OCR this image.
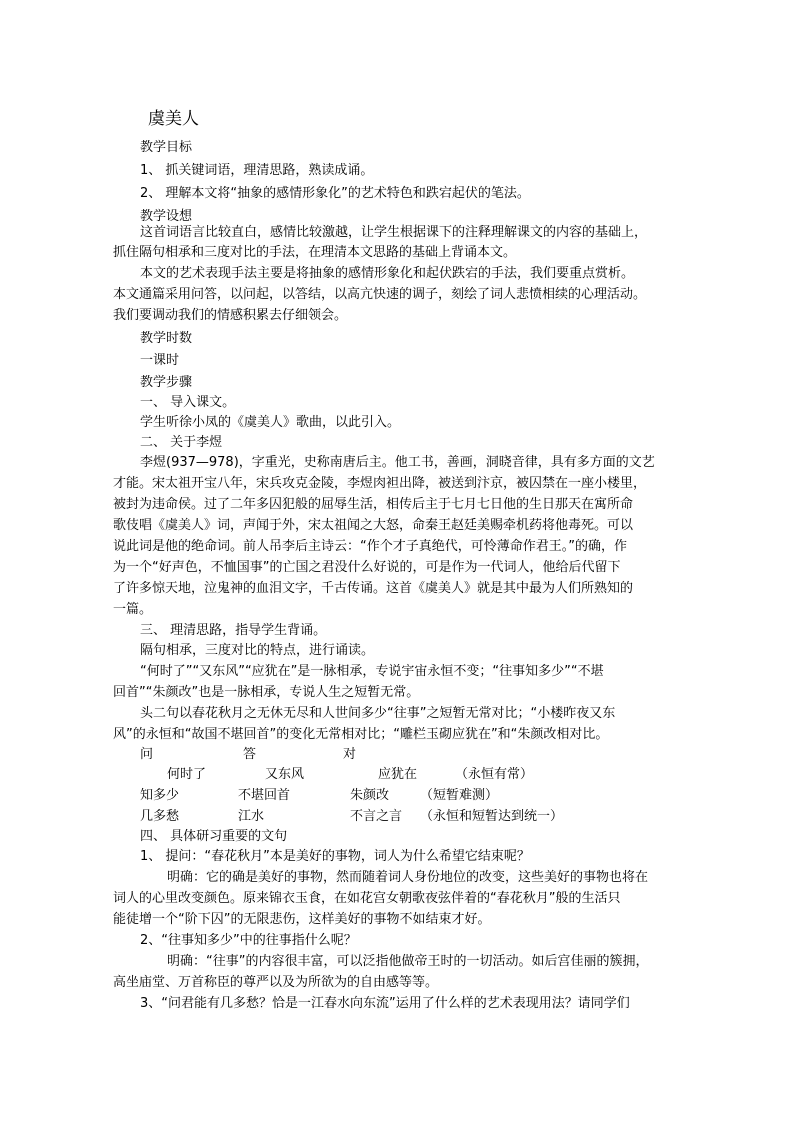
虞美人
教学目标
1、 抓关键词语，理清思路，熟读成诵。
2、 理解本文将“抽象的感情形象化”的艺术特色和跌宕起伏的笔法。
教学设想
这首词语言比较直白，感情比较激越，让学生根据课下的注释理解课文的内容的基础上，
抓住隔句相承和三度对比的手法，在理清本文思路的基础上背诵本文。
本文的艺术表现手法主要是将抽象的感情形象化和起伏跌宕的手法，我们要重点赏析。
本文通篇采用问答，以问起，以答结，以高亢快速的调子，刻绘了词人悲愤相续的心理活动。
我们要调动我们的情感积累去仔细领会。
教学时数
一课时
教学步骤
一、 导入课文。
学生听徐小凤的《虞美人》歌曲，以此引入。
二、 关于李煜
李煜(937—978)，字重光，史称南唐后主。他工书，善画，洞晓音律，具有多方面的文艺
才能。宋太祖开宝八年，宋兵攻克金陵，李煜肉袒出降，被送到汴京，被囚禁在一座小楼里，
被封为违命侯。过了二年多囚犯般的屈辱生活，相传后主于七月七日他的生日那天在寓所命
歌伎唱《虞美人》词，声闻于外，宋太祖闻之大怒，命秦王赵廷美赐牵机药将他毒死。可以
说此词是他的绝命词。前人吊李后主诗云：“作个才子真绝代，可怜薄命作君王。”的确，作
为一个“好声色，不恤国事”的亡国之君没什么好说的，可是作为一代词人，他给后代留下
了许多惊天地，泣鬼神的血泪文字，千古传诵。这首《虞美人》就是其中最为人们所熟知的
一篇。
三、 理清思路，指导学生背诵。
隔句相承，三度对比的特点，进行诵读。
“何时了”“又东风”“应犹在”是一脉相承，专说宇宙永恒不变；“往事知多少”“不堪
回首”“朱颜改”也是一脉相承，专说人生之短暂无常。
头二句以春花秋月之无休无尽和人世间多少“往事”之短暂无常对比；“小楼昨夜又东
风”的永恒和“故国不堪回首”的变化无常相对比；“雕栏玉砌应犹在”和“朱颜改相对比。
问	答	对
何时了	又东风	应犹在	（永恒有常）
知多少	不堪回首	朱颜改 （短暂难测）
几多愁	江水	不言之言 （永恒和短暂达到统一）
四、 具体研习重要的文句
1、 提问：“春花秋月”本是美好的事物，词人为什么希望它结束呢？
明确：它的确是美好的事物，然而随着词人身份地位的改变，这些美好的事物也将在
词人的心里改变颜色。原来锦衣玉食，在如花宫女朝歌夜弦伴着的“春花秋月”般的生活只
能徒增一个“阶下囚”的无限悲伤，这样美好的事物不如结束才好。
2、“往事知多少”中的往事指什么呢？
明确：“往事”的内容很丰富，可以泛指他做帝王时的一切活动。如后宫佳丽的簇拥，
高坐庙堂、万首称臣的尊严以及为所欲为的自由感等等。
3、“问君能有几多愁？恰是一江春水向东流”运用了什么样的艺术表现用法？请同学们
